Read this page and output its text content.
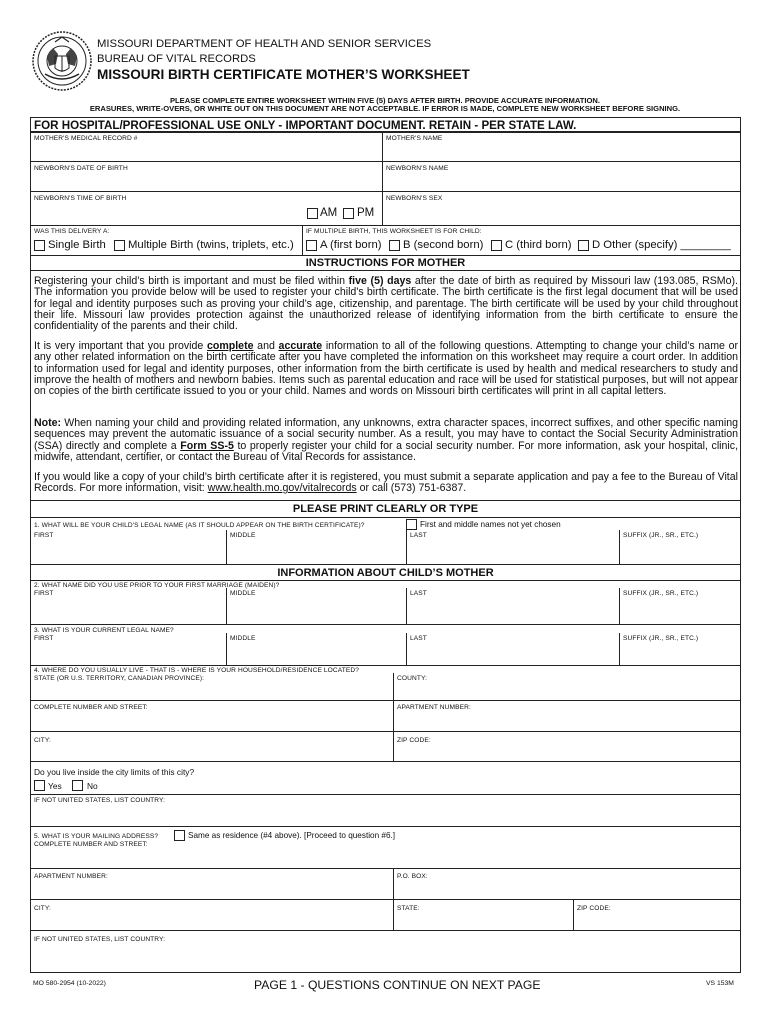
MISSOURI DEPARTMENT OF HEALTH AND SENIOR SERVICES
BUREAU OF VITAL RECORDS
MISSOURI BIRTH CERTIFICATE MOTHER’S WORKSHEET
PLEASE COMPLETE ENTIRE WORKSHEET WITHIN FIVE (5) DAYS AFTER BIRTH. PROVIDE ACCURATE INFORMATION.
ERASURES, WRITE-OVERS, OR WHITE OUT ON THIS DOCUMENT ARE NOT ACCEPTABLE. IF ERROR IS MADE, COMPLETE NEW WORKSHEET BEFORE SIGNING.
FOR HOSPITAL/PROFESSIONAL USE ONLY - IMPORTANT DOCUMENT. RETAIN - PER STATE LAW.
MOTHER'S MEDICAL RECORD #	MOTHER'S NAME
NEWBORN'S DATE OF BIRTH	NEWBORN'S NAME
NEWBORN'S TIME OF BIRTH	NEWBORN'S SEX
AM PM
WAS THIS DELIVERY A:	IF MULTIPLE BIRTH, THIS WORKSHEET IS FOR CHILD:
Single Birth Multiple Birth (twins, triplets, etc.) A (first born) B (second born) C (third born) D Other (specify) ________
INSTRUCTIONS FOR MOTHER

Registering your child’s birth is important and must be filed within five (5) days after the date of birth as required by Missouri law (193.085, RSMo). The information you provide below will be used to register your child's birth certificate. The birth certificate is the first legal document that will be used for legal and identity purposes such as proving your child’s age, citizenship, and parentage. The birth certificate will be used by your child throughout their life. Missouri law provides protection against the unauthorized release of identifying information from the birth certificate to ensure the confidentiality of the parents and their child.

It is very important that you provide complete and accurate information to all of the following questions. Attempting to change your child’s name or any other related information on the birth certificate after you have completed the information on this worksheet may require a court order. In addition to information used for legal and identity purposes, other information from the birth certificate is used by health and medical researchers to study and improve the health of mothers and newborn babies. Items such as parental education and race will be used for statistical purposes, but will not appear on copies of the birth certificate issued to you or your child. Names and words on Missouri birth certificates will print in all capital letters.

Note: When naming your child and providing related information, any unknowns, extra character spaces, incorrect suffixes, and other specific naming sequences may prevent the automatic issuance of a social security number. As a result, you may have to contact the Social Security Administration (SSA) directly and complete a Form SS-5 to properly register your child for a social security number. For more information, ask your hospital, clinic, midwife, attendant, certifier, or contact the Bureau of Vital Records for assistance.

If you would like a copy of your child’s birth certificate after it is registered, you must submit a separate application and pay a fee to the Bureau of Vital Records. For more information, visit: www.health.mo.gov/vitalrecords or call (573) 751-6387.

PLEASE PRINT CLEARLY OR TYPE
1. WHAT WILL BE YOUR CHILD'S LEGAL NAME (AS IT SHOULD APPEAR ON THE BIRTH CERTIFICATE)?	First and middle names not yet chosen
FIRST	MIDDLE	LAST	SUFFIX (JR., SR., ETC.)
INFORMATION ABOUT CHILD’S MOTHER
2. WHAT NAME DID YOU USE PRIOR TO YOUR FIRST MARRIAGE (MAIDEN)?
FIRST	MIDDLE	LAST	SUFFIX (JR., SR., ETC.)
3. WHAT IS YOUR CURRENT LEGAL NAME?
FIRST	MIDDLE	LAST	SUFFIX (JR., SR., ETC.)
4. WHERE DO YOU USUALLY LIVE - THAT IS - WHERE IS YOUR HOUSEHOLD/RESIDENCE LOCATED?
STATE (OR U.S. TERRITORY, CANADIAN PROVINCE):	COUNTY:
COMPLETE NUMBER AND STREET:	APARTMENT NUMBER:
CITY:	ZIP CODE:
Do you live inside the city limits of this city?
Yes	No
IF NOT UNITED STATES, LIST COUNTRY:
5. WHAT IS YOUR MAILING ADDRESS?	Same as residence (#4 above). [Proceed to question #6.]
COMPLETE NUMBER AND STREET:
APARTMENT NUMBER:	P.O. BOX:
CITY:	STATE:	ZIP CODE:
IF NOT UNITED STATES, LIST COUNTRY:
MO 580-2954 (10-2022)	PAGE 1 - QUESTIONS CONTINUE ON NEXT PAGE	VS 153M
